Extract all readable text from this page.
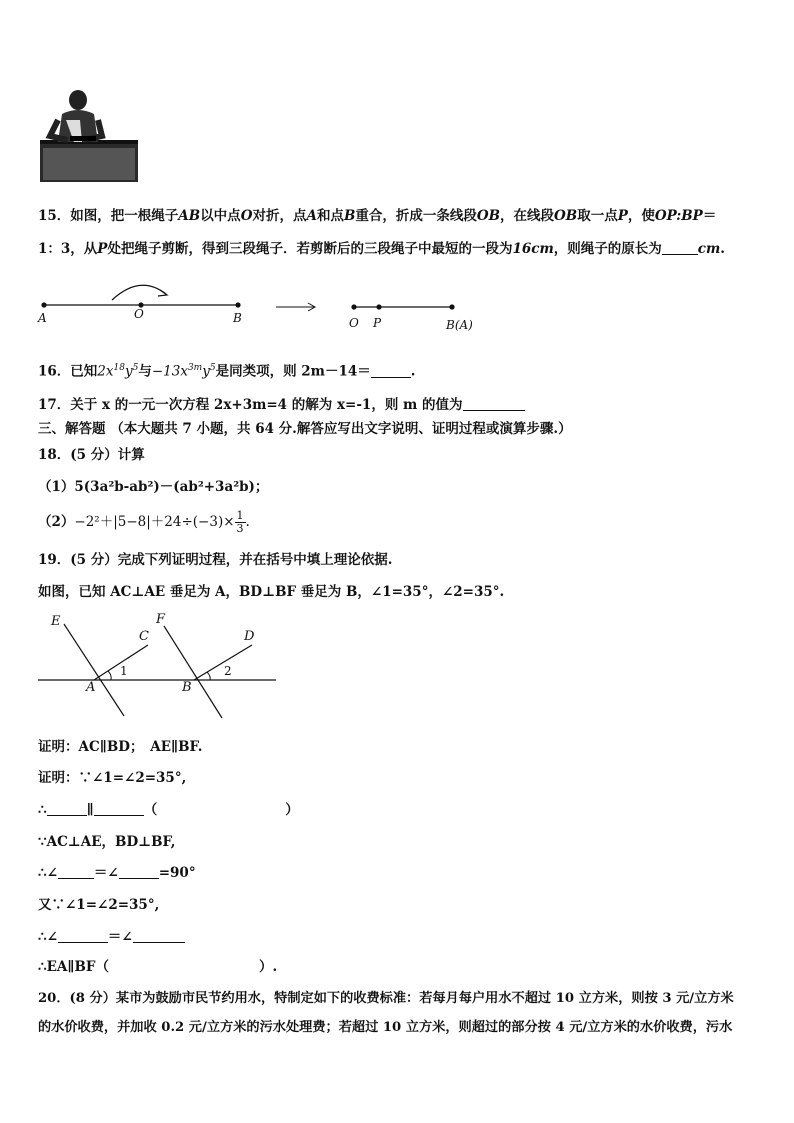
15．如图，把一根绳子AB以中点O对折，点A和点B重合，折成一条线段OB，在线段OB取一点P，使OP:BP＝
1：3，从P处把绳子剪断，得到三段绳子．若剪断后的三段绳子中最短的一段为16cm，则绳子的原长为	cm.
A	O	B	O P	B(A)
16．已知$2x^{18}y^5$与$-13x^{3m}y^5$是同类项，则 2m－14＝	.
17．关于 x 的一元一次方程 2x+3m=4 的解为 x=-1，则 m 的值为
三、解答题 （本大题共 7 小题，共 64 分.解答应写出文字说明、证明过程或演算步骤.）
18．(5 分）计算
（1）5(3a²b-ab²)－(ab²+3a²b)；
$(2)-2^2+|5-8|+24\div(-3)\times \frac{1}{3}$ .
19．(5 分）完成下列证明过程，并在括号中填上理论依据.
如图，已知 AC⊥AE 垂足为 A，BD⊥BF 垂足为 B，∠1=35°，∠2=35°.
E
C
1
A
F
D
B
2
证明：AC∥BD；　AE∥BF.
证明：∵∠1=∠2=35°,
∴	∥	（	）
∵AC⊥AE，BD⊥BF,
∴∠	＝∠	=90°
又∵∠1=∠2=35°,
∴∠	＝∠
∴EA∥BF（	）.
20．(8 分）某市为鼓励市民节约用水，特制定如下的收费标准：若每月每户用水不超过 10 立方米，则按 3 元/立方米
的水价收费，并加收 0.2 元/立方米的污水处理费；若超过 10 立方米，则超过的部分按 4 元/立方米的水价收费，污水
